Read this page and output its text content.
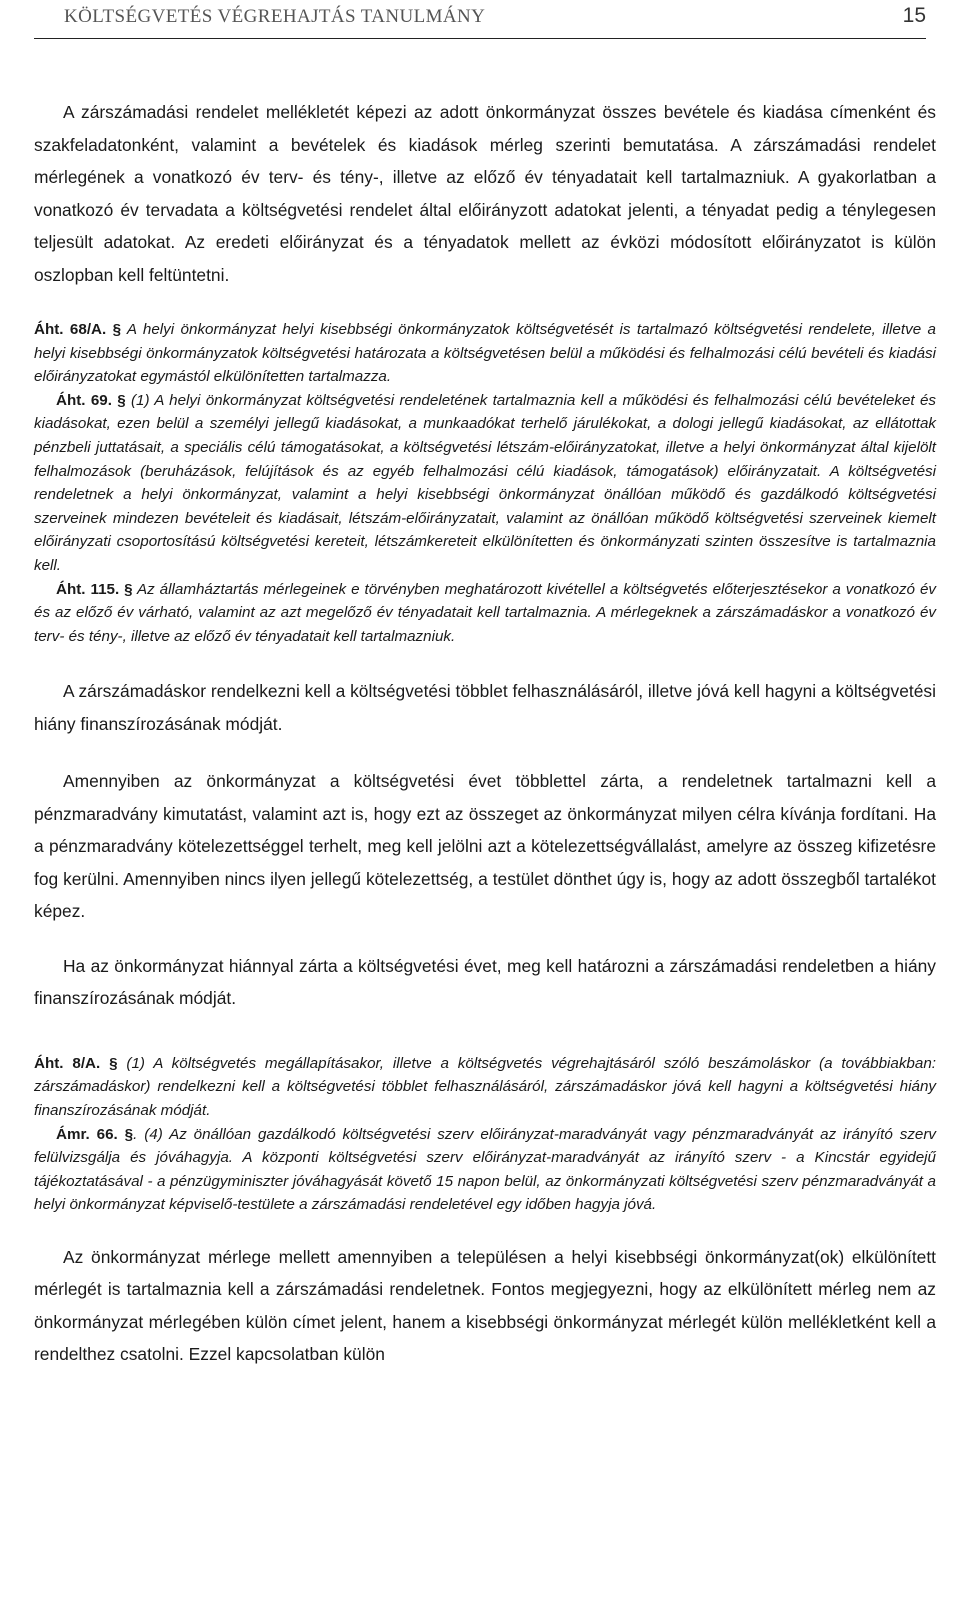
KÖLTSÉGVETÉS VÉGREHAJTÁS TANULMÁNY	15

A zárszámadási rendelet mellékletét képezi az adott önkormányzat összes bevétele és kiadása címenként és szakfeladatonként, valamint a bevételek és kiadások mérleg szerinti bemutatása. A zárszámadási rendelet mérlegének a vonatkozó év terv- és tény-, illetve az előző év tényadatait kell tartalmazniuk. A gyakorlatban a vonatkozó év tervadata a költségvetési rendelet által előirányzott adatokat jelenti, a tényadat pedig a ténylegesen teljesült adatokat. Az eredeti előirányzat és a tényadatok mellett az évközi módosított előirányzatot is külön oszlopban kell feltüntetni.

Áht. 68/A. § A helyi önkormányzat helyi kisebbségi önkormányzatok költségvetését is tartalmazó költségvetési rendelete, illetve a helyi kisebbségi önkormányzatok költségvetési határozata a költségvetésen belül a működési és felhalmozási célú bevételi és kiadási előirányzatokat egymástól elkülönítetten tartalmazza.

Áht. 69. § (1) A helyi önkormányzat költségvetési rendeletének tartalmaznia kell a működési és felhalmozási célú bevételeket és kiadásokat, ezen belül a személyi jellegű kiadásokat, a munkaadókat terhelő járulékokat, a dologi jellegű kiadásokat, az ellátottak pénzbeli juttatásait, a speciális célú támogatásokat, a költségvetési létszám-előirányzatokat, illetve a helyi önkormányzat által kijelölt felhalmozások (beruházások, felújítások és az egyéb felhalmozási célú kiadások, támogatások) előirányzatait. A költségvetési rendeletnek a helyi önkormányzat, valamint a helyi kisebbségi önkormányzat önállóan működő és gazdálkodó költségvetési szerveinek mindezen bevételeit és kiadásait, létszám-előirányzatait, valamint az önállóan működő költségvetési szerveinek kiemelt előirányzati csoportosítású költségvetési kereteit, létszámkereteit elkülönítetten és önkormányzati szinten összesítve is tartalmaznia kell.

Áht. 115. § Az államháztartás mérlegeinek e törvényben meghatározott kivétellel a költségvetés előterjesztésekor a vonatkozó év és az előző év várható, valamint az azt megelőző év tényadatait kell tartalmaznia. A mérlegeknek a zárszámadáskor a vonatkozó év terv- és tény-, illetve az előző év tényadatait kell tartalmazniuk.

A zárszámadáskor rendelkezni kell a költségvetési többlet felhasználásáról, illetve jóvá kell hagyni a költségvetési hiány finanszírozásának módját.

Amennyiben az önkormányzat a költségvetési évet többlettel zárta, a rendeletnek tartalmazni kell a pénzmaradvány kimutatást, valamint azt is, hogy ezt az összeget az önkormányzat milyen célra kívánja fordítani. Ha a pénzmaradvány kötelezettséggel terhelt, meg kell jelölni azt a kötelezettségvállalást, amelyre az összeg kifizetésre fog kerülni. Amennyiben nincs ilyen jellegű kötelezettség, a testület dönthet úgy is, hogy az adott összegből tartalékot képez.

Ha az önkormányzat hiánnyal zárta a költségvetési évet, meg kell határozni a zárszámadási rendeletben a hiány finanszírozásának módját.

Áht. 8/A. § (1) A költségvetés megállapításakor, illetve a költségvetés végrehajtásáról szóló beszámoláskor (a továbbiakban: zárszámadáskor) rendelkezni kell a költségvetési többlet felhasználásáról, zárszámadáskor jóvá kell hagyni a költségvetési hiány finanszírozásának módját.

Ámr. 66. §. (4) Az önállóan gazdálkodó költségvetési szerv előirányzat-maradványát vagy pénzmaradványát az irányító szerv felülvizsgálja és jóváhagyja. A központi költségvetési szerv előirányzat-maradványát az irányító szerv - a Kincstár egyidejű tájékoztatásával - a pénzügyminiszter jóváhagyását követő 15 napon belül, az önkormányzati költségvetési szerv pénzmaradványát a helyi önkormányzat képviselő-testülete a zárszámadási rendeletével egy időben hagyja jóvá.

Az önkormányzat mérlege mellett amennyiben a településen a helyi kisebbségi önkormányzat(ok) elkülönített mérlegét is tartalmaznia kell a zárszámadási rendeletnek. Fontos megjegyezni, hogy az elkülönített mérleg nem az önkormányzat mérlegében külön címet jelent, hanem a kisebbségi önkormányzat mérlegét külön mellékletként kell a rendelthez csatolni. Ezzel kapcsolatban külön
